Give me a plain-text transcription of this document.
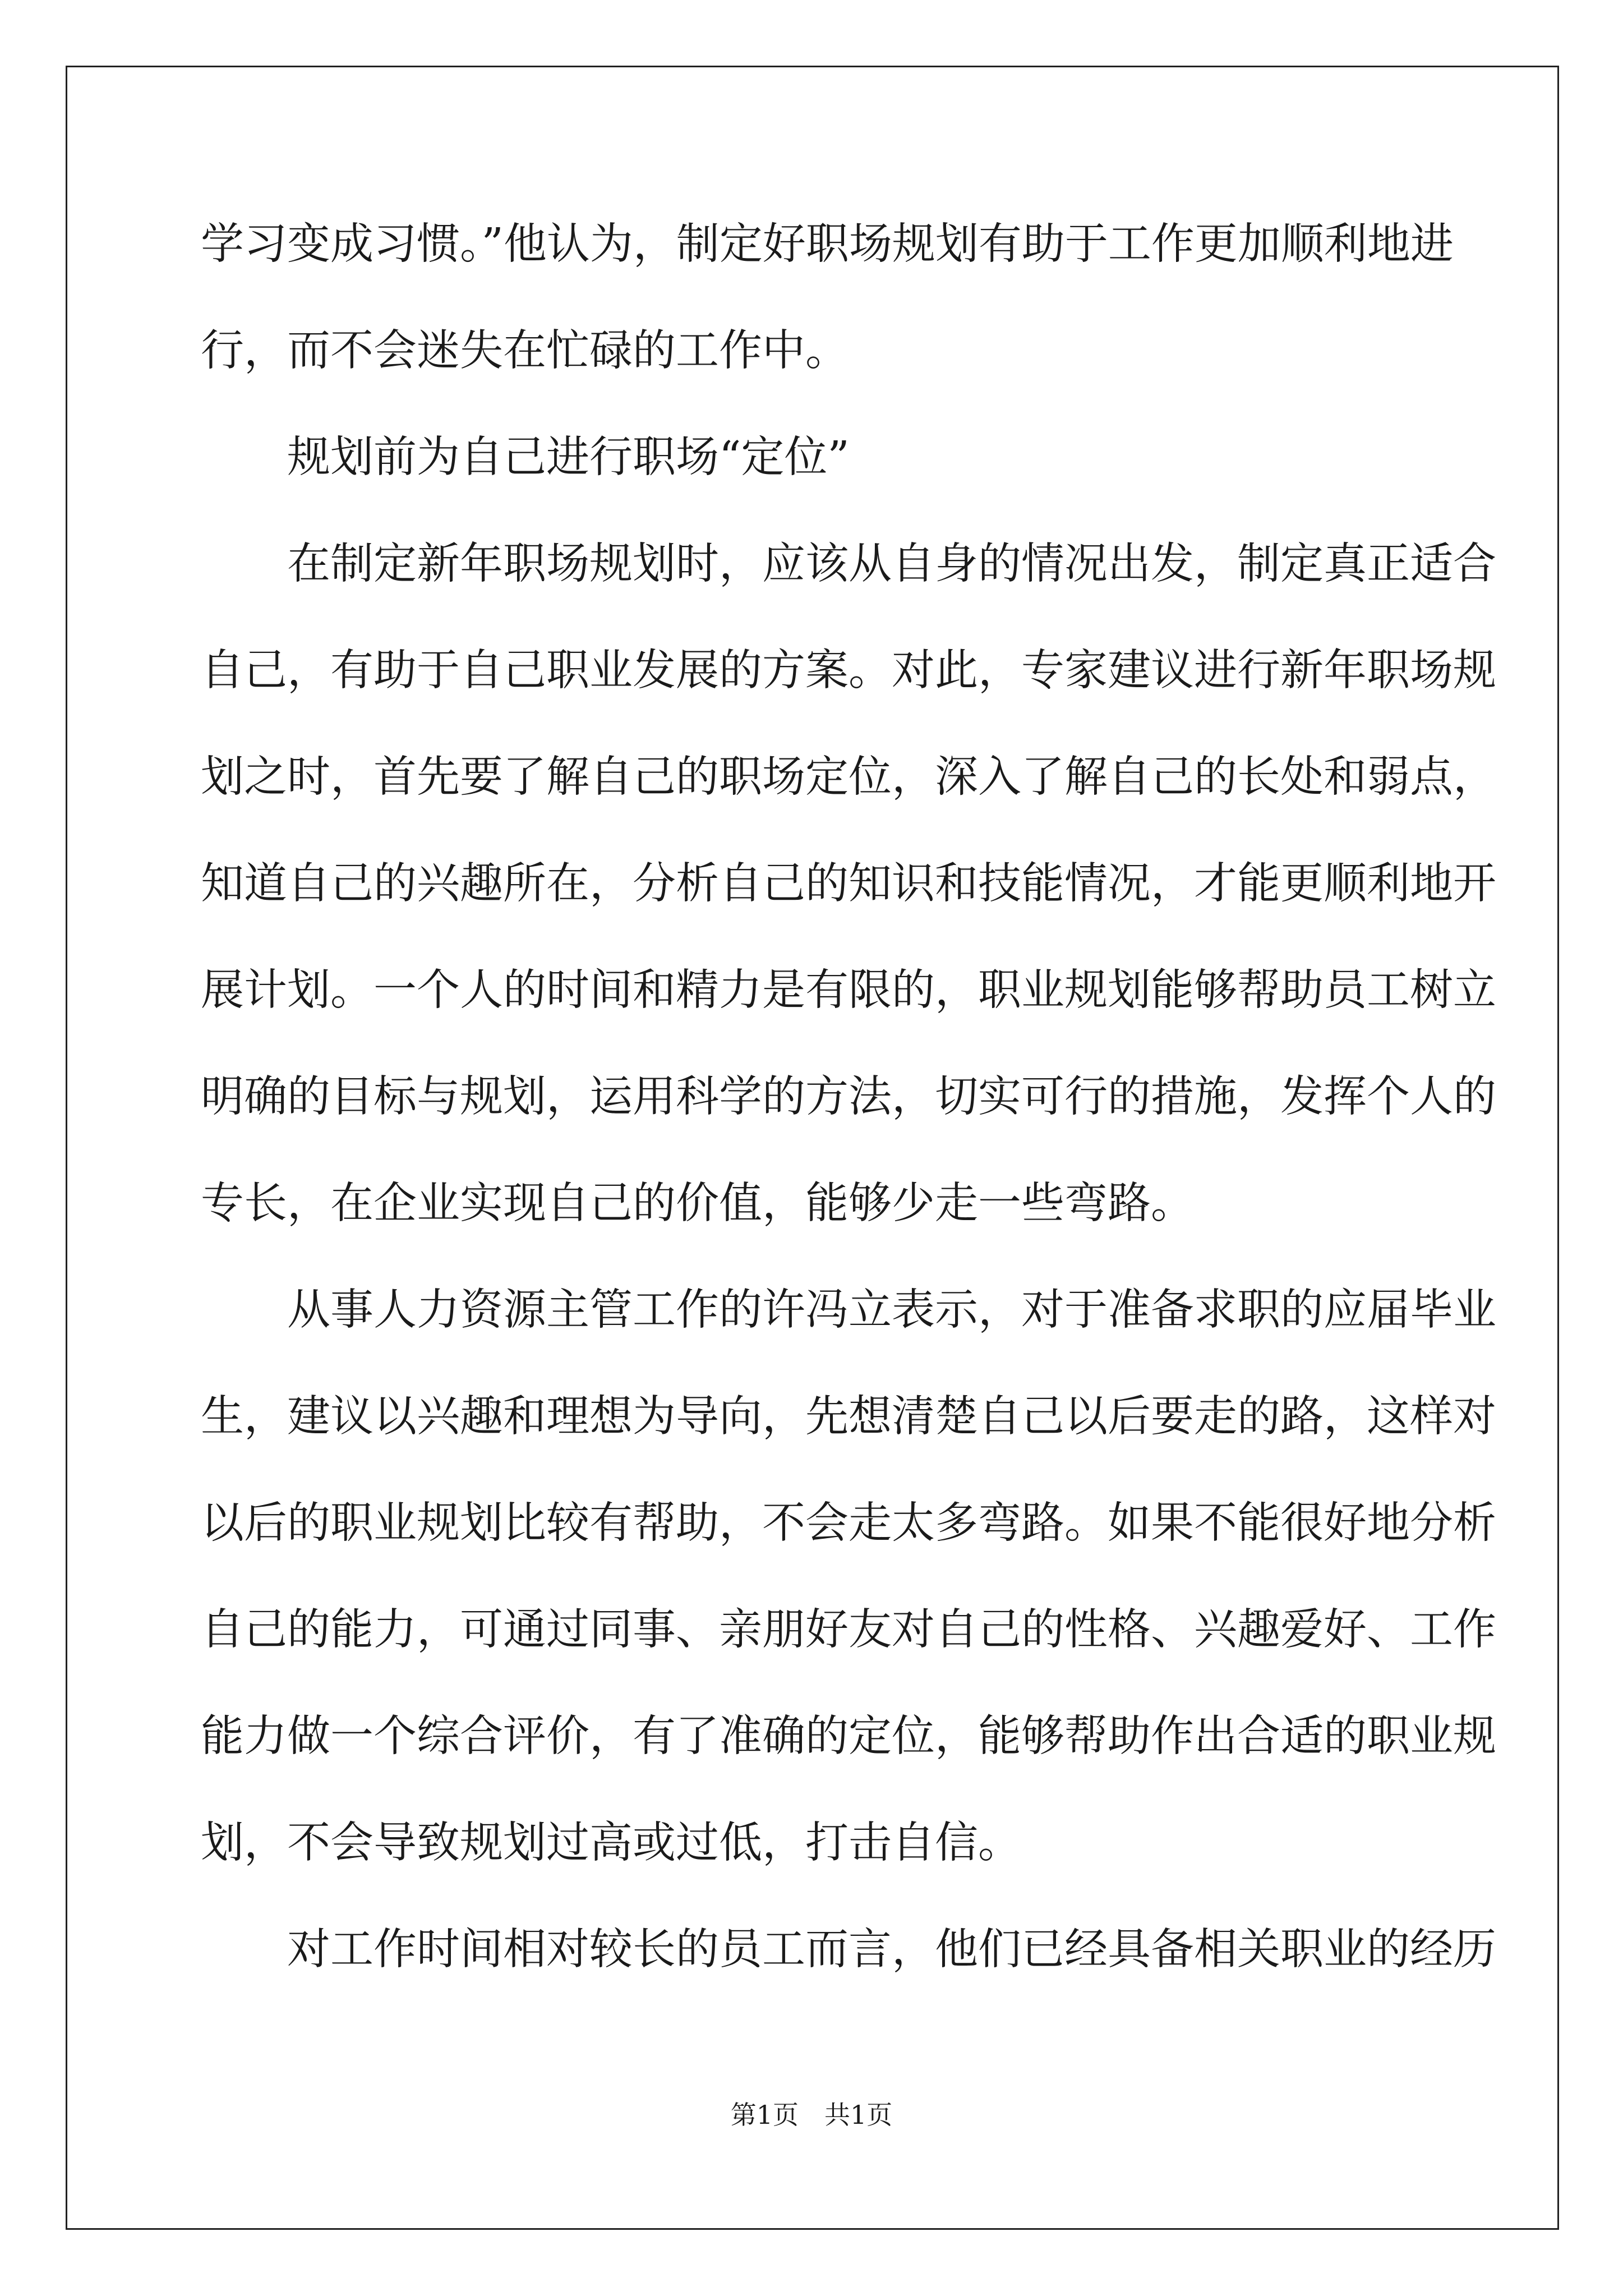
学习变成习惯。”他认为，制定好职场规划有助于工作更加顺利地进
行，而不会迷失在忙碌的工作中。
　　规划前为自己进行职场“定位”
　　在制定新年职场规划时，应该从自身的情况出发，制定真正适合
自己，有助于自己职业发展的方案。对此，专家建议进行新年职场规
划之时，首先要了解自己的职场定位，深入了解自己的长处和弱点，
知道自己的兴趣所在，分析自己的知识和技能情况，才能更顺利地开
展计划。一个人的时间和精力是有限的，职业规划能够帮助员工树立
明确的目标与规划，运用科学的方法，切实可行的措施，发挥个人的
专长，在企业实现自己的价值，能够少走一些弯路。
　　从事人力资源主管工作的许冯立表示，对于准备求职的应届毕业
生，建议以兴趣和理想为导向，先想清楚自己以后要走的路，这样对
以后的职业规划比较有帮助，不会走太多弯路。如果不能很好地分析
自己的能力，可通过同事、亲朋好友对自己的性格、兴趣爱好、工作
能力做一个综合评价，有了准确的定位，能够帮助作出合适的职业规
划，不会导致规划过高或过低，打击自信。
　　对工作时间相对较长的员工而言，他们已经具备相关职业的经历
第1页　共1页
